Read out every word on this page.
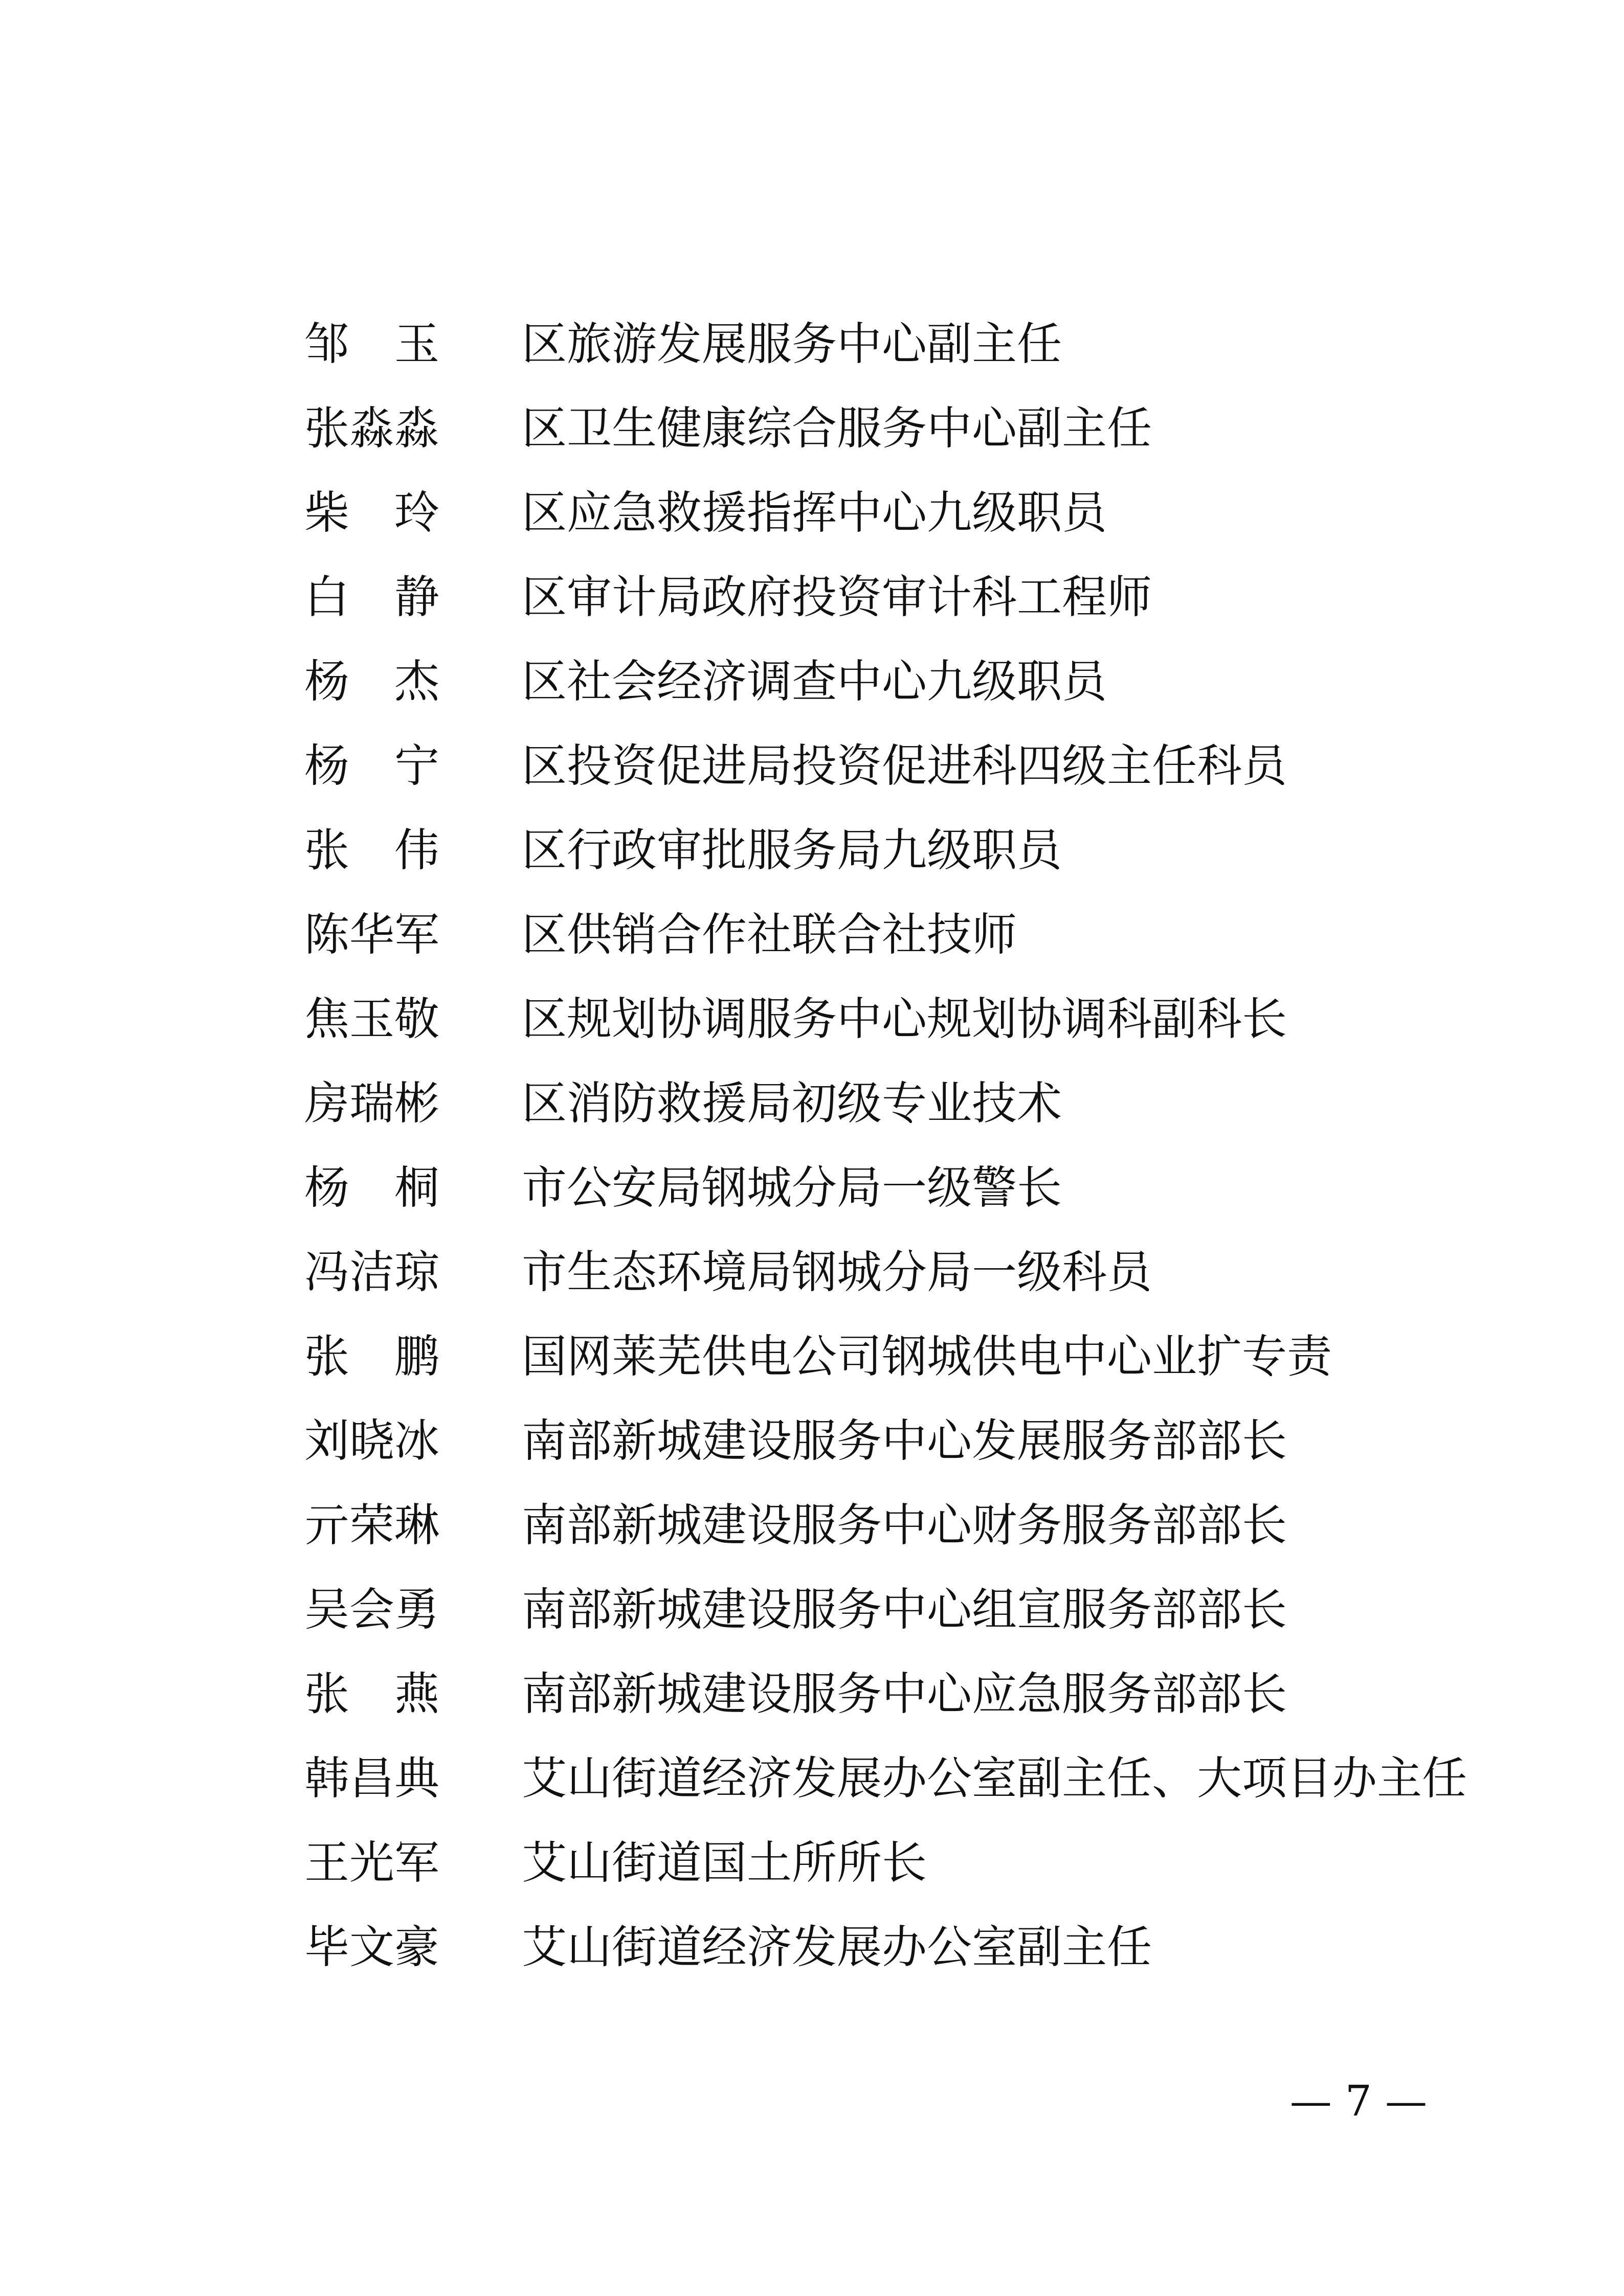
邹　玉	区旅游发展服务中心副主任
张淼淼	区卫生健康综合服务中心副主任
柴　玲	区应急救援指挥中心九级职员
白　静	区审计局政府投资审计科工程师
杨　杰	区社会经济调查中心九级职员
杨　宁	区投资促进局投资促进科四级主任科员
张　伟	区行政审批服务局九级职员
陈华军	区供销合作社联合社技师
焦玉敬	区规划协调服务中心规划协调科副科长
房瑞彬	区消防救援局初级专业技术
杨　桐	市公安局钢城分局一级警长
冯洁琼	市生态环境局钢城分局一级科员
张　鹏	国网莱芜供电公司钢城供电中心业扩专责
刘晓冰	南部新城建设服务中心发展服务部部长
亓荣琳	南部新城建设服务中心财务服务部部长
吴会勇	南部新城建设服务中心组宣服务部部长
张　燕	南部新城建设服务中心应急服务部部长
韩昌典	艾山街道经济发展办公室副主任、大项目办主任
王光军	艾山街道国土所所长
毕文豪	艾山街道经济发展办公室副主任
— 7 —
